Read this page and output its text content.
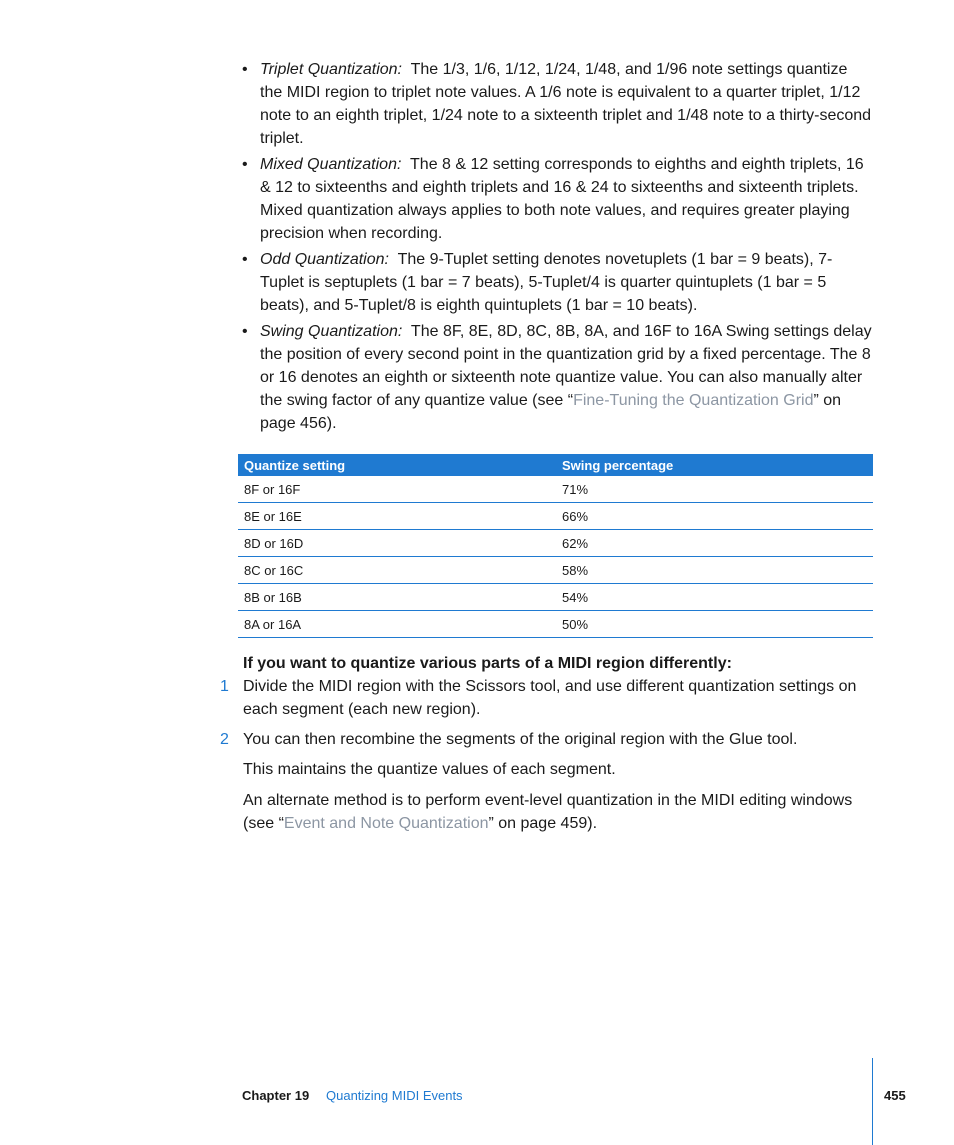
• Triplet Quantization: The 1/3, 1/6, 1/12, 1/24, 1/48, and 1/96 note settings quantize the MIDI region to triplet note values. A 1/6 note is equivalent to a quarter triplet, 1/12 note to an eighth triplet, 1/24 note to a sixteenth triplet and 1/48 note to a thirty-second triplet.
• Mixed Quantization: The 8 & 12 setting corresponds to eighths and eighth triplets, 16 & 12 to sixteenths and eighth triplets and 16 & 24 to sixteenths and sixteenth triplets. Mixed quantization always applies to both note values, and requires greater playing precision when recording.
• Odd Quantization: The 9-Tuplet setting denotes novetuplets (1 bar = 9 beats), 7-Tuplet is septuplets (1 bar = 7 beats), 5-Tuplet/4 is quarter quintuplets (1 bar = 5 beats), and 5-Tuplet/8 is eighth quintuplets (1 bar = 10 beats).
• Swing Quantization: The 8F, 8E, 8D, 8C, 8B, 8A, and 16F to 16A Swing settings delay the position of every second point in the quantization grid by a fixed percentage. The 8 or 16 denotes an eighth or sixteenth note quantize value. You can also manually alter the swing factor of any quantize value (see “Fine-Tuning the Quantization Grid” on page 456).
Quantize setting	Swing percentage
8F or 16F	71%
8E or 16E	66%
8D or 16D	62%
8C or 16C	58%
8B or 16B	54%
8A or 16A	50%
If you want to quantize various parts of a MIDI region differently:
1 Divide the MIDI region with the Scissors tool, and use different quantization settings on each segment (each new region).
2 You can then recombine the segments of the original region with the Glue tool.
This maintains the quantize values of each segment.
An alternate method is to perform event-level quantization in the MIDI editing windows (see “Event and Note Quantization” on page 459).
Chapter 19 Quantizing MIDI Events	455
